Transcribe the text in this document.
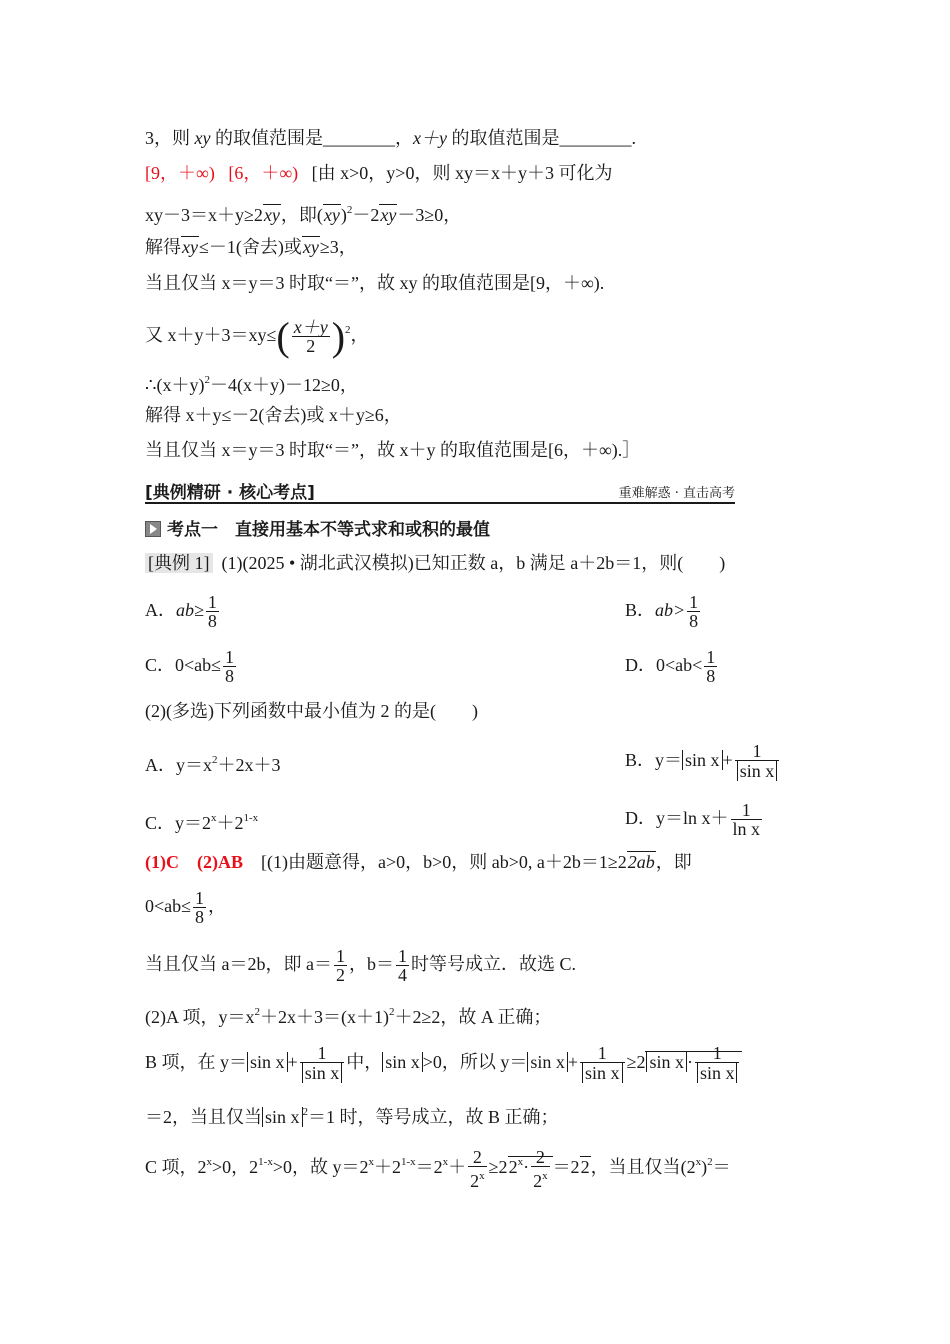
3，则 xy 的取值范围是________，x＋y 的取值范围是________.
[9，＋∞) [6，＋∞) [由 x>0，y>0，则 xy＝x＋y＋3 可化为
xy－3＝x＋y≥2xy，即(xy)$^2$－2xy－3≥0，
解得xy≤－1(舍去)或xy≥3，
当且仅当 x＝y＝3 时取“＝”，故 xy 的取值范围是[9，＋∞).
又 $x+y+3=xy\le( \frac{x+y}{2} )^2$，
$\therefore(x+y)^2-4(x+y)-12\ge 0$，
解得 x＋y≤－2(舍去)或 x＋y≥6，
当且仅当 x＝y＝3 时取“＝”，故 x＋y 的取值范围是[6，＋∞).］
[典例精研 · 核心考点]	重难解惑 · 直击高考
考点一　直接用基本不等式求和或积的最值
[典例 1] (1)(2025 • 湖北武汉模拟)已知正数 a，b 满足 a＋2b＝1，则(　　)
A．$ab\ge \frac{1}{8}$	B．$ab> \frac{1}{8}$
C．$0<ab\le \frac{1}{8}$	D．$0<ab< \frac{1}{8}$
(2)(多选)下列函数中最小值为 2 的是(　　)
A．$y=x^2+2x+3$	B．$y= \sin x + \frac{1}{\text{sin x}}$
C．$y=2^x+2^{1-x}$	D．y＝ln $x+ \frac{1}{\text{ln x}}$
(1)C (2)AB [(1)由题意得，a>0，b>0，则 ab>0, a＋2b＝1≥22ab，即
$0<ab\le \frac{1}{8}$ ，
当且仅当 a＝2b，即 $a= \frac{1}{2}$ ，$b= \frac{1}{4}$ 时等号成立．故选 C.
(2)A 项，$y=x^2+2x+3=(x+1)^2+2\ge 2$，故 A 正确；
B 项，在 $y= \sin x + \frac{1}{\text{sin x}}$ 中， sin x >0，所以 $y= \sin x + \frac{1}{\text{sin x}} \ge 2$ $\sin x \cdot \frac{1}{\text{sin x}}$
＝2，当且仅当 sin x $^2$＝1 时，等号成立，故 B 正确；
C 项，$2^x>0$，$2^{1-x}>0$，故 $y=2^x+2^{1-x}=2^x+ \frac{2}{2^x} \ge 22^x\cdot \frac{2}{2^x} =22$，当且仅当$(2^x)^2=$
